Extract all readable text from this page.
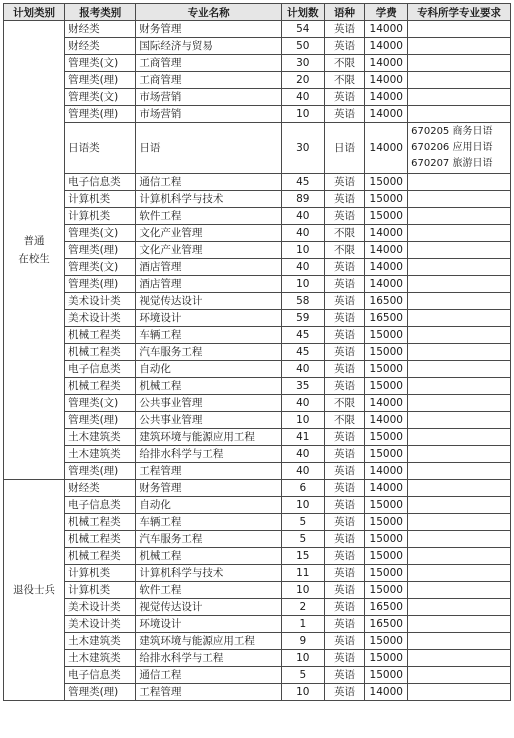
计划类别	报考类别	专业名称	计划数	语种	学费	专科所学专业要求
普通
在校生	财经类	财务管理	54	英语	14000	
	财经类	国际经济与贸易	50	英语	14000	
	管理类(文)	工商管理	30	不限	14000	
	管理类(理)	工商管理	20	不限	14000	
	管理类(文)	市场营销	40	英语	14000	
	管理类(理)	市场营销	10	英语	14000	
	日语类	日语	30	日语	14000	670205 商务日语
670206 应用日语
670207 旅游日语
	电子信息类	通信工程	45	英语	15000	
	计算机类	计算机科学与技术	89	英语	15000	
	计算机类	软件工程	40	英语	15000	
	管理类(文)	文化产业管理	40	不限	14000	
	管理类(理)	文化产业管理	10	不限	14000	
	管理类(文)	酒店管理	40	英语	14000	
	管理类(理)	酒店管理	10	英语	14000	
	美术设计类	视觉传达设计	58	英语	16500	
	美术设计类	环境设计	59	英语	16500	
	机械工程类	车辆工程	45	英语	15000	
	机械工程类	汽车服务工程	45	英语	15000	
	电子信息类	自动化	40	英语	15000	
	机械工程类	机械工程	35	英语	15000	
	管理类(文)	公共事业管理	40	不限	14000	
	管理类(理)	公共事业管理	10	不限	14000	
	土木建筑类	建筑环境与能源应用工程	41	英语	15000	
	土木建筑类	给排水科学与工程	40	英语	15000	
	管理类(理)	工程管理	40	英语	14000	
退役士兵	财经类	财务管理	6	英语	14000	
	电子信息类	自动化	10	英语	15000	
	机械工程类	车辆工程	5	英语	15000	
	机械工程类	汽车服务工程	5	英语	15000	
	机械工程类	机械工程	15	英语	15000	
	计算机类	计算机科学与技术	11	英语	15000	
	计算机类	软件工程	10	英语	15000	
	美术设计类	视觉传达设计	2	英语	16500	
	美术设计类	环境设计	1	英语	16500	
	土木建筑类	建筑环境与能源应用工程	9	英语	15000	
	土木建筑类	给排水科学与工程	10	英语	15000	
	电子信息类	通信工程	5	英语	15000	
	管理类(理)	工程管理	10	英语	14000	
